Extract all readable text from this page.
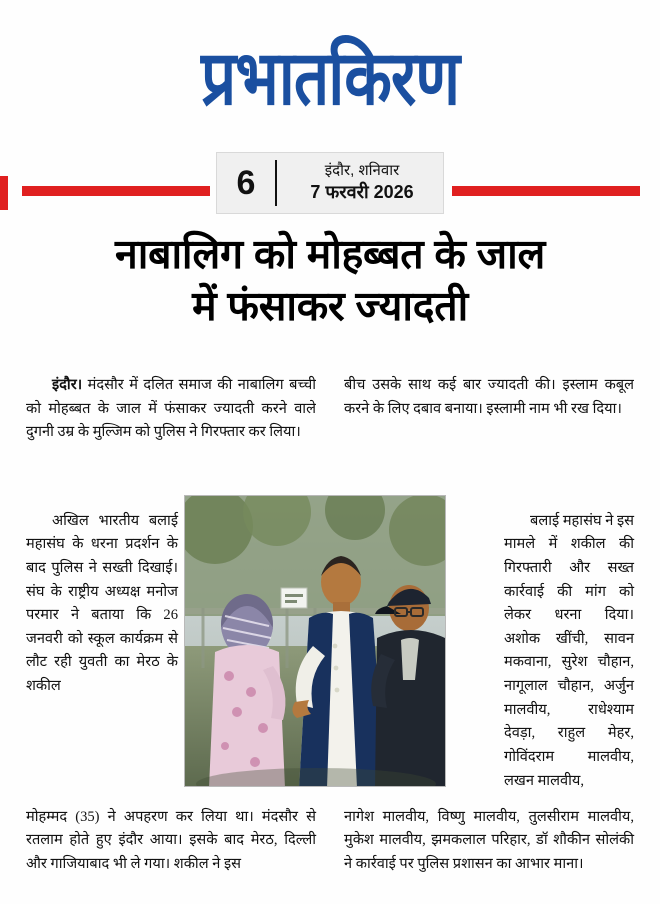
प्रभातकिरण
6	इंदौर, शनिवार
7 फरवरी 2026
नाबालिग को मोहब्बत के जाल
में फंसाकर ज्यादती

इंदौर। मंदसौर में दलित समाज की नाबालिग बच्ची को मोहब्बत के जाल में फंसाकर ज्यादती करने वाले दुगनी उम्र के मुल्जिम को पुलिस ने गिरफ्तार कर लिया।

अखिल भारतीय बलाई महासंघ के धरना प्रदर्शन के बाद पुलिस ने सख्ती दिखाई। संघ के राष्ट्रीय अध्यक्ष मनोज परमार ने बताया कि 26 जनवरी को स्कूल कार्यक्रम से लौट रही युवती का मेरठ के शकील

मोहम्मद (35) ने अपहरण कर लिया था। मंदसौर से रतलाम होते हुए इंदौर आया। इसके बाद मेरठ, दिल्ली और गाजियाबाद भी ले गया। शकील ने इस

बीच उसके साथ कई बार ज्यादती की। इस्लाम कबूल करने के लिए दबाव बनाया। इस्लामी नाम भी रख दिया।

बलाई महासंघ ने इस मामले में शकील की गिरफ्तारी और सख्त कार्रवाई की मांग को लेकर धरना दिया। अशोक खींची, सावन मकवाना, सुरेश चौहान, नागूलाल चौहान, अर्जुन मालवीय, राधेश्याम देवड़ा, राहुल मेहर, गोविंदराम मालवीय, लखन मालवीय,

नागेश मालवीय, विष्णु मालवीय, तुलसीराम मालवीय, मुकेश मालवीय, झमकलाल परिहार, डॉ शौकीन सोलंकी ने कार्रवाई पर पुलिस प्रशासन का आभार माना।
